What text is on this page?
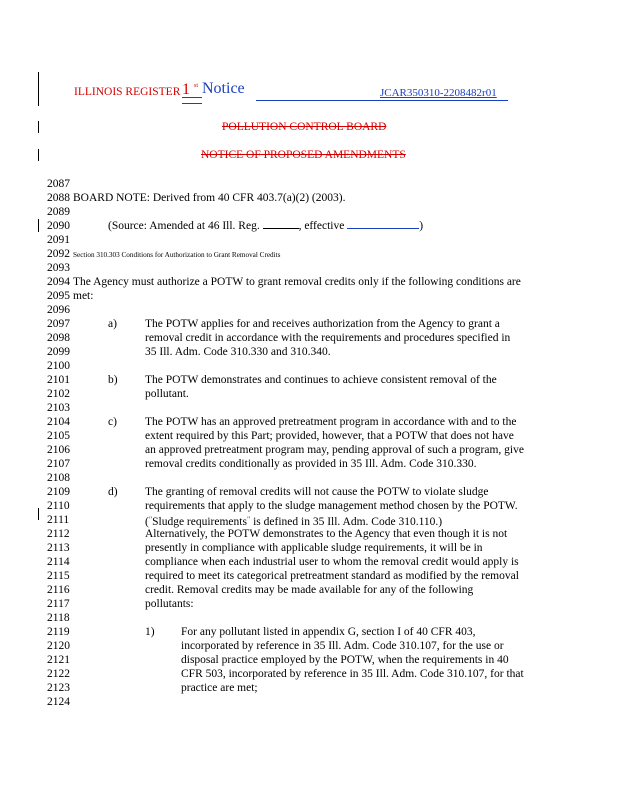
ILLINOIS REGISTER 1 st Notice	JCAR350310-2208482r01
POLLUTION CONTROL BOARD
NOTICE OF PROPOSED AMENDMENTS
2087
2088
2089
2090
2091
2092
2093
2094
2095
2096
2097
2098
2099
2100
2101
2102
2103
2104
2105
2106
2107
2108
2109
2110
2111
2112
2113
2114
2115
2116
2117
2118
2119
2120
2121
2122
2123
2124
BOARD NOTE: Derived from 40 CFR 403.7(a)(2) (2003).
(Source: Amended at 46 Ill. Reg.	, effective	)
Section 310.303 Conditions for Authorization to Grant Removal Credits
The Agency must authorize a POTW to grant removal credits only if the following conditions are
met:
a) The POTW applies for and receives authorization from the Agency to grant a
removal credit in accordance with the requirements and procedures specified in
35 Ill. Adm. Code 310.330 and 310.340.
b) The POTW demonstrates and continues to achieve consistent removal of the
pollutant.
c) The POTW has an approved pretreatment program in accordance with and to the
extent required by this Part; provided, however, that a POTW that does not have
an approved pretreatment program may, pending approval of such a program, give
removal credits conditionally as provided in 35 Ill. Adm. Code 310.330.
d) The granting of removal credits will not cause the POTW to violate sludge
requirements that apply to the sludge management method chosen by the POTW.
("Sludge requirements" is defined in 35 Ill. Adm. Code 310.110.)
Alternatively, the POTW demonstrates to the Agency that even though it is not
presently in compliance with applicable sludge requirements, it will be in
compliance when each industrial user to whom the removal credit would apply is
required to meet its categorical pretreatment standard as modified by the removal
credit. Removal credits may be made available for any of the following
pollutants:
1) For any pollutant listed in appendix G, section I of 40 CFR 403,
incorporated by reference in 35 Ill. Adm. Code 310.107, for the use or
disposal practice employed by the POTW, when the requirements in 40
CFR 503, incorporated by reference in 35 Ill. Adm. Code 310.107, for that
practice are met;
